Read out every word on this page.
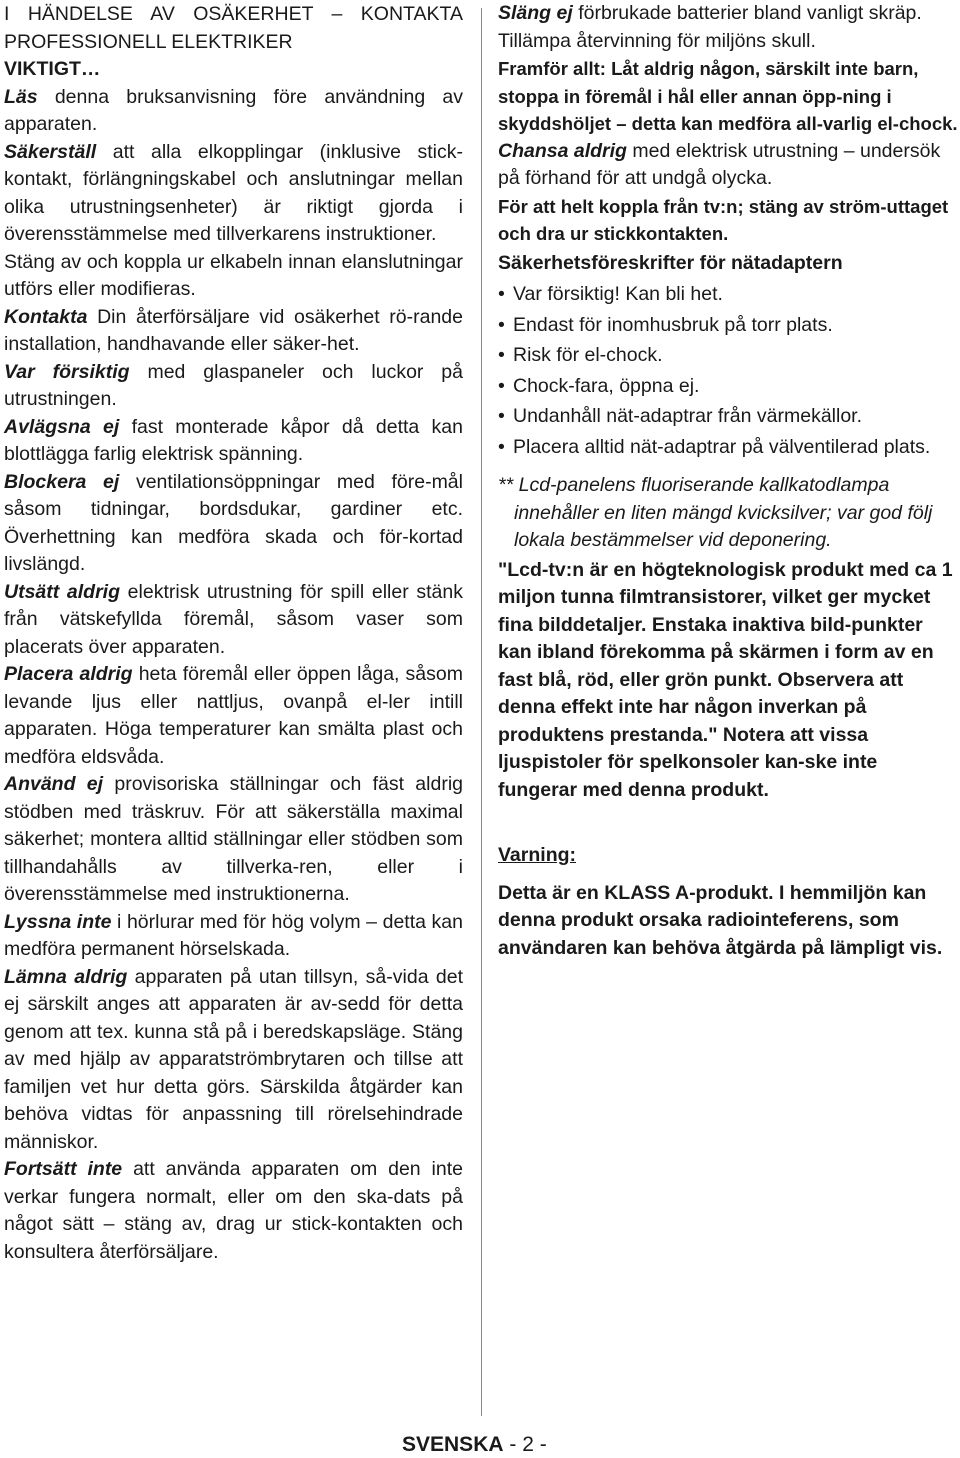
I HÄNDELSE AV OSÄKERHET – KONTAKTA PROFESSIONELL ELEKTRIKER

VIKTIGT…

Läs denna bruksanvisning före användning av apparaten.

Säkerställ att alla elkopplingar (inklusive stick-kontakt, förlängningskabel och anslutningar mellan olika utrustningsenheter) är riktigt gjorda i överensstämmelse med tillverkarens instruktioner.

Stäng av och koppla ur elkabeln innan elanslutningar utförs eller modifieras.

Kontakta Din återförsäljare vid osäkerhet rö-rande installation, handhavande eller säker-het.

Var försiktig med glaspaneler och luckor på utrustningen.

Avlägsna ej fast monterade kåpor då detta kan blottlägga farlig elektrisk spänning.

Blockera ej ventilationsöppningar med före-mål såsom tidningar, bordsdukar, gardiner etc. Överhettning kan medföra skada och för-kortad livslängd.

Utsätt aldrig elektrisk utrustning för spill eller stänk från vätskefyllda föremål, såsom vaser som placerats över apparaten.

Placera aldrig heta föremål eller öppen låga, såsom levande ljus eller nattljus, ovanpå el-ler intill apparaten. Höga temperaturer kan smälta plast och medföra eldsvåda.

Använd ej provisoriska ställningar och fäst aldrig stödben med träskruv. För att säkerställa maximal säkerhet; montera alltid ställningar eller stödben som tillhandahålls av tillverka-ren, eller i överensstämmelse med instruktionerna.

Lyssna inte i hörlurar med för hög volym – detta kan medföra permanent hörselskada.

Lämna aldrig apparaten på utan tillsyn, så-vida det ej särskilt anges att apparaten är av-sedd för detta genom att tex. kunna stå på i beredskapsläge. Stäng av med hjälp av apparatströmbrytaren och tillse att familjen vet hur detta görs. Särskilda åtgärder kan behöva vidtas för anpassning till rörelsehindrade människor.

Fortsätt inte att använda apparaten om den inte verkar fungera normalt, eller om den ska-dats på något sätt – stäng av, drag ur stick-kontakten och konsultera återförsäljare.

Släng ej förbrukade batterier bland vanligt skräp. Tillämpa återvinning för miljöns skull.

Framför allt: Låt aldrig någon, särskilt inte barn, stoppa in föremål i hål eller annan öpp-ning i skyddshöljet – detta kan medföra all-varlig el-chock.

Chansa aldrig med elektrisk utrustning – undersök på förhand för att undgå olycka.

För att helt koppla från tv:n; stäng av ström-uttaget och dra ur stickkontakten.

Säkerhetsföreskrifter för nätadaptern

• Var försiktig! Kan bli het.
• Endast för inomhusbruk på torr plats.
• Risk för el-chock.
• Chock-fara, öppna ej.
• Undanhåll nät-adaptrar från värmekällor.
• Placera alltid nät-adaptrar på välventilerad plats.

** Lcd-panelens fluoriserande kallkatodlampa innehåller en liten mängd kvicksilver; var god följ lokala bestämmelser vid deponering.

"Lcd-tv:n är en högteknologisk produkt med ca 1 miljon tunna filmtransistorer, vilket ger mycket fina bilddetaljer. Enstaka inaktiva bild-punkter kan ibland förekomma på skärmen i form av en fast blå, röd, eller grön punkt. Observera att denna effekt inte har någon inverkan på produktens prestanda." Notera att vissa ljuspistoler för spelkonsoler kan-ske inte fungerar med denna produkt.

Varning:

Detta är en KLASS A-produkt. I hemmiljön kan denna produkt orsaka radiointeferens, som användaren kan behöva åtgärda på lämpligt vis.

SVENSKA - 2 -
